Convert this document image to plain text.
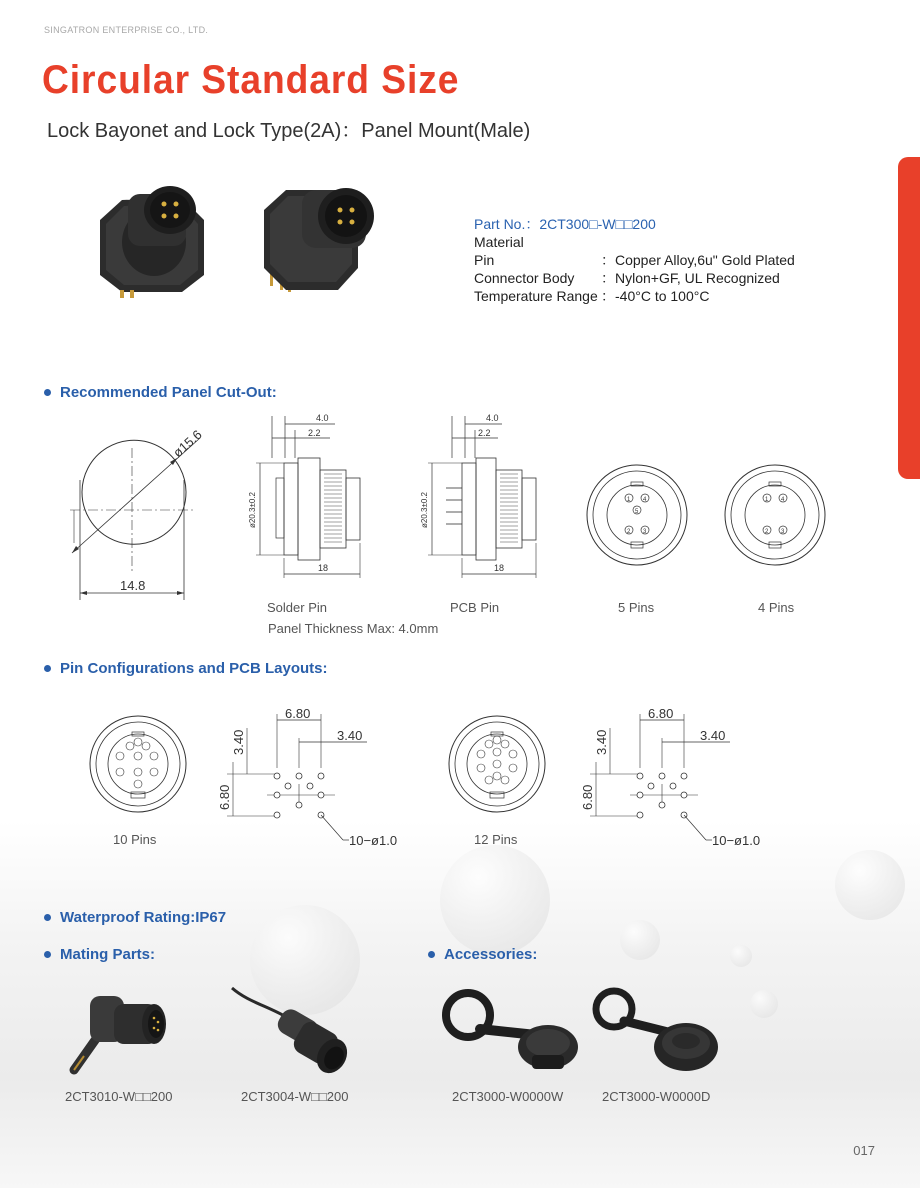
SINGATRON ENTERPRISE CO., LTD.
Circular Standard Size
Lock Bayonet and Lock Type(2A)：Panel Mount(Male)
Part No.：2CT300□-W□□200
Material
Pin	：Copper Alloy,6u" Gold Plated
Connector Body	：Nylon+GF, UL Recognized
Temperature Range ：-40°C to 100°C
Recommended Panel Cut-Out:
ø15.6
14.8
4.0
2.2
ø20.3±0.2
18
4.0
2.2
ø20.3±0.2
18
1 4
5
2 3
1 4
2 3
Solder Pin	PCB Pin	5 Pins	4 Pins
Panel Thickness Max: 4.0mm
Pin Configurations and PCB Layouts:
6.80
3.40
3.40
6.80
10−ø1.0
6.80
3.40
3.40
6.80
10−ø1.0
10 Pins	12 Pins
Waterproof Rating:IP67
Mating Parts:	Accessories:
2CT3010-W□□200	2CT3004-W□□200	2CT3000-W0000W	2CT3000-W0000D
017
